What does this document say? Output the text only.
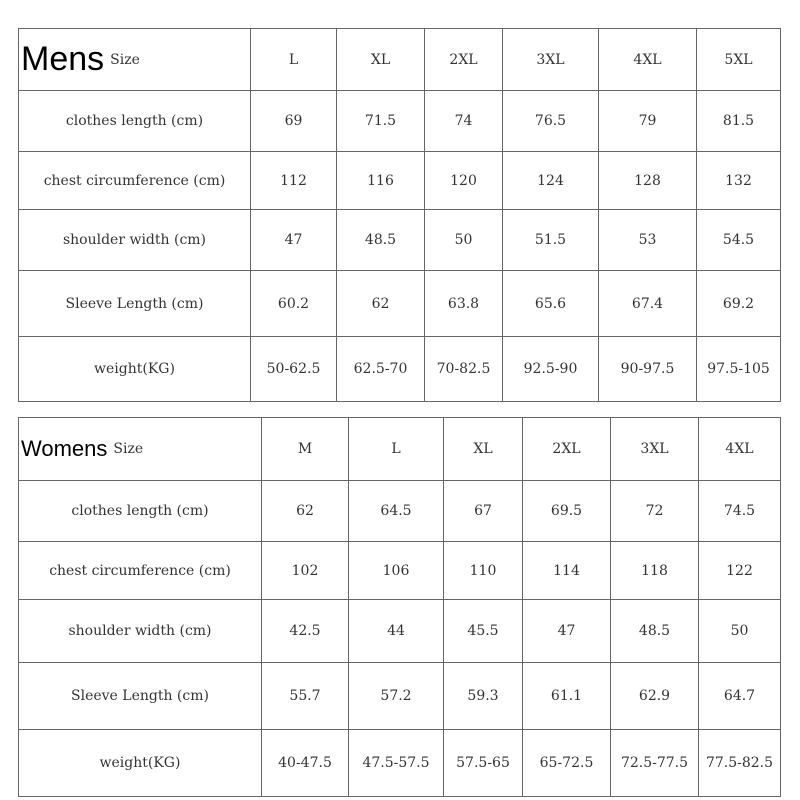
Mens Size	L	XL	2XL	3XL	4XL	5XL
clothes length (cm)	69	71.5	74	76.5	79	81.5
chest circumference (cm)	112	116	120	124	128	132
shoulder width (cm)	47	48.5	50	51.5	53	54.5
Sleeve Length (cm)	60.2	62	63.8	65.6	67.4	69.2
weight(KG)	50-62.5	62.5-70	70-82.5	92.5-90	90-97.5	97.5-105
Womens Size	M	L	XL	2XL	3XL	4XL
clothes length (cm)	62	64.5	67	69.5	72	74.5
chest circumference (cm)	102	106	110	114	118	122
shoulder width (cm)	42.5	44	45.5	47	48.5	50
Sleeve Length (cm)	55.7	57.2	59.3	61.1	62.9	64.7
weight(KG)	40-47.5	47.5-57.5	57.5-65	65-72.5	72.5-77.5	77.5-82.5
